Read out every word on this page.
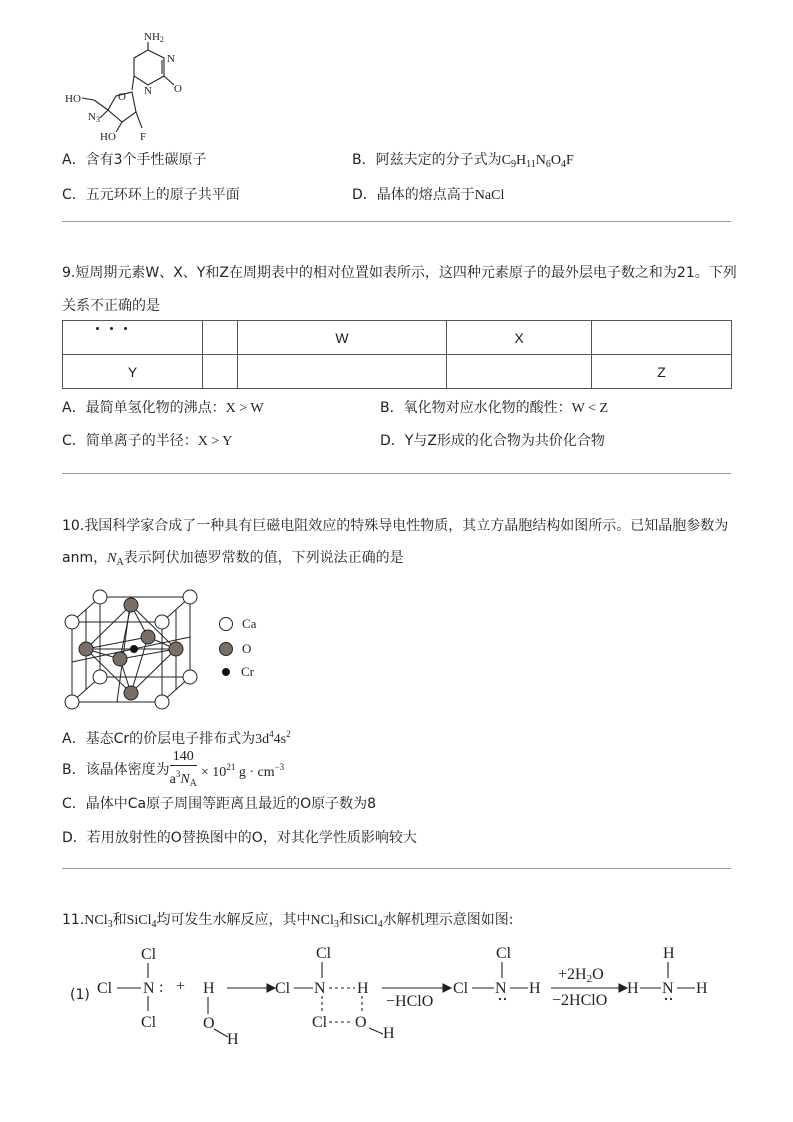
NH2
N
N O
O
HO
N3
HO F
A．含有3个手性碳原子	B．阿兹夫定的分子式为$C_9H_{11}N_6O_4F$
C．五元环环上的原子共平面	D．晶体的熔点高于NaCl
9.短周期元素W、X、Y和Z在周期表中的相对位置如表所示，这四种元素原子的最外层电子数之和为21。下列
关系不正确的是
		W	X	
Y				Z
A．最简单氢化物的沸点：X > W	B．氧化物对应水化物的酸性：W < Z
C．简单离子的半径：X > Y	D．Y与Z形成的化合物为共价化合物
10.我国科学家合成了一种具有巨磁电阻效应的特殊导电性物质，其立方晶胞结构如图所示。已知晶胞参数为
anm，$N_A$表示阿伏加德罗常数的值，下列说法正确的是
Ca
O
Cr
A．基态Cr的价层电子排布式为$3d^44s^2$
B．该晶体密度为 $\frac{140}{a^3N_A} \times 10^{21}$ $g \cdot cm^{-3}$
C．晶体中Ca原子周围等距离且最近的O原子数为8
D．若用放射性的O替换图中的O，对其化学性质影响较大
11.NCl$_3$和SiCl$_4$均可发生水解反应，其中NCl$_3$和SiCl$_4$水解机理示意图如图:
(1)
Cl
Cl N :
Cl
+ H
O
H
Cl
Cl N H
Cl O
H
−HClO
Cl
Cl N H
+2H2O
−2HClO
H
H N H
